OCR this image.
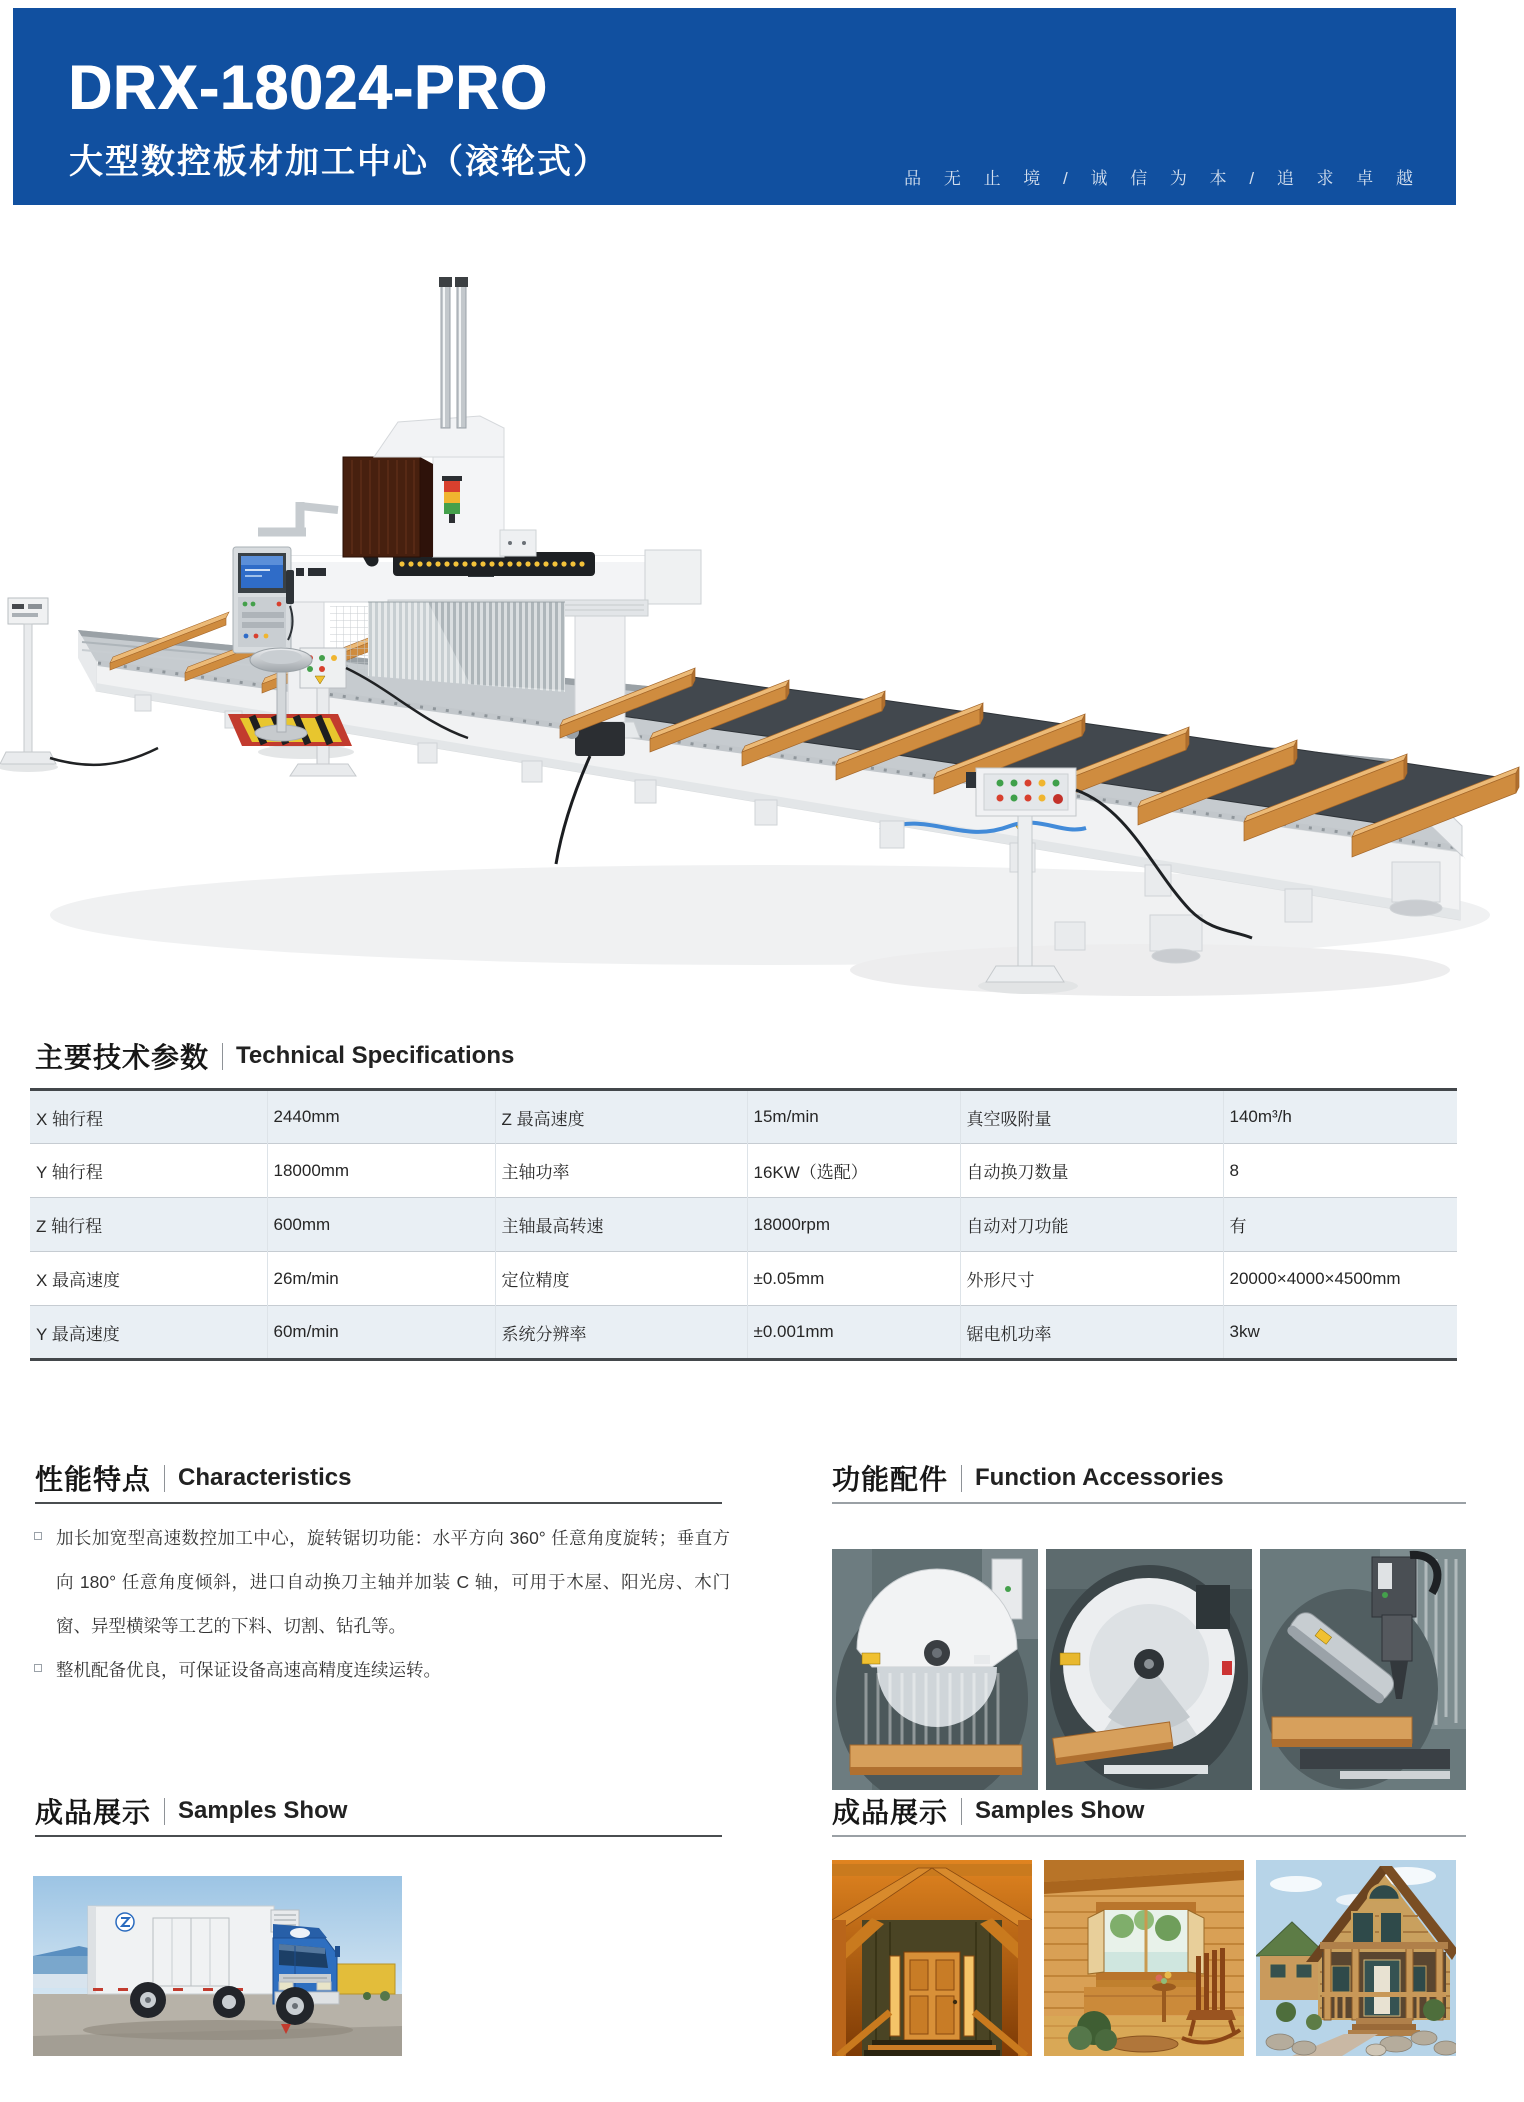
DRX-18024-PRO
大型数控板材加工中心（滚轮式）	品 无 止 境 / 诚 信 为 本 / 追 求 卓 越
主要技术参数 Technical Specifications
X 轴行程	2440mm	Z 最高速度	15m/min	真空吸附量	140m³/h
Y 轴行程	18000mm	主轴功率	16KW（选配）	自动换刀数量	8
Z 轴行程	600mm	主轴最高转速	18000rpm	自动对刀功能	有
X 最高速度	26m/min	定位精度	±0.05mm	外形尺寸	20000×4000×4500mm
Y 最高速度	60m/min	系统分辨率	±0.001mm	锯电机功率	3kw
性能特点 Characteristics
加长加宽型高速数控加工中心，旋转锯切功能：水平方向 360° 任意角度旋转；垂直方向 180° 任意角度倾斜，进口自动换刀主轴并加装 C 轴，可用于木屋、阳光房、木门窗、异型横梁等工艺的下料、切割、钻孔等。
整机配备优良，可保证设备高速高精度连续运转。
功能配件 Function Accessories
成品展示 Samples Show	成品展示 Samples Show
